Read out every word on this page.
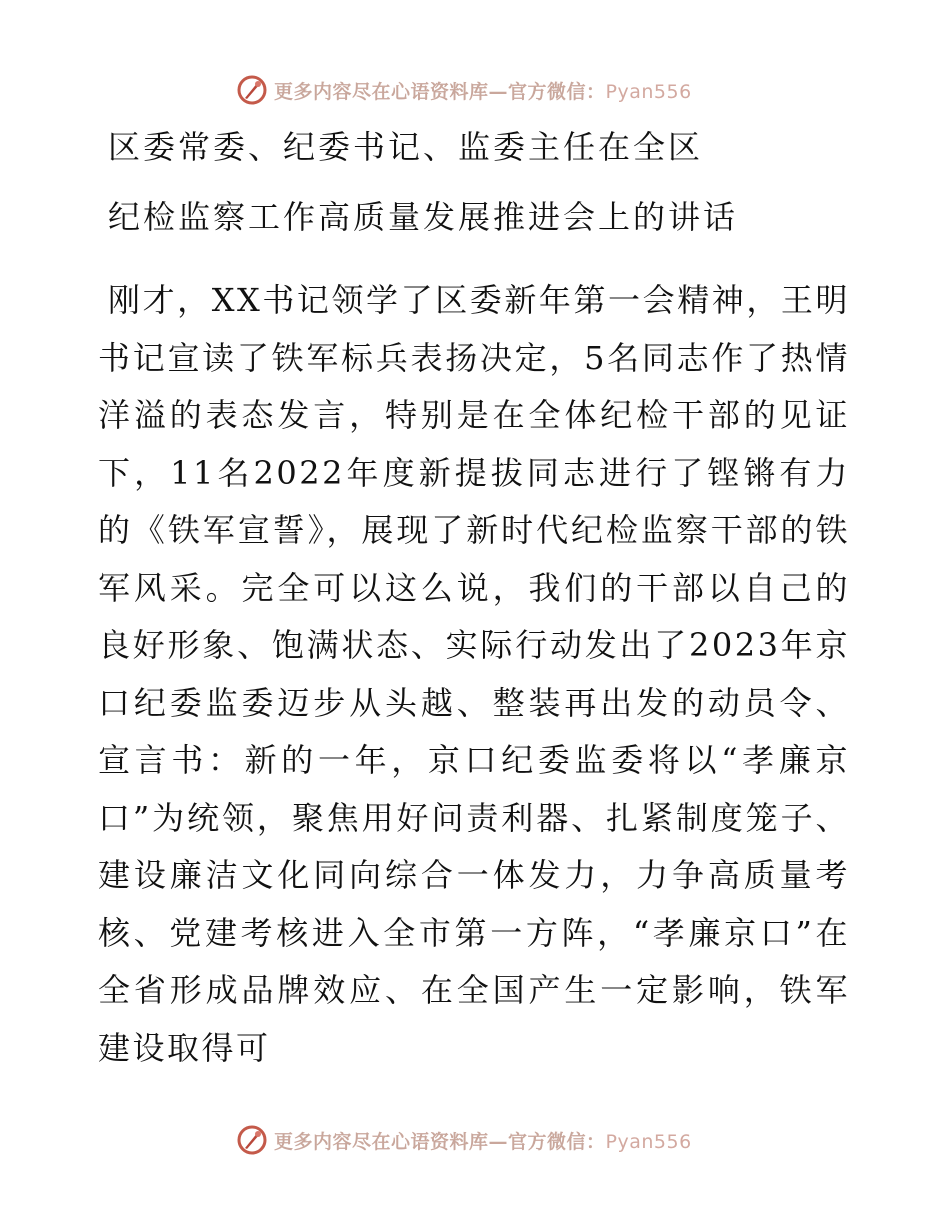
更多内容尽在心语资料库—官方微信：Pyan556
区委常委、纪委书记、监委主任在全区
纪检监察工作高质量发展推进会上的讲话

刚才，XX书记领学了区委新年第一会精神，王明书记宣读了铁军标兵表扬决定，5名同志作了热情洋溢的表态发言，特别是在全体纪检干部的见证下，11名2022年度新提拔同志进行了铿锵有力的《铁军宣誓》，展现了新时代纪检监察干部的铁军风采。完全可以这么说，我们的干部以自己的良好形象、饱满状态、实际行动发出了2023年京口纪委监委迈步从头越、整装再出发的动员令、宣言书：新的一年，京口纪委监委将以“孝廉京口”为统领，聚焦用好问责利器、扎紧制度笼子、建设廉洁文化同向综合一体发力，力争高质量考核、党建考核进入全市第一方阵，“孝廉京口”在全省形成品牌效应、在全国产生一定影响，铁军建设取得可

更多内容尽在心语资料库—官方微信：Pyan556
